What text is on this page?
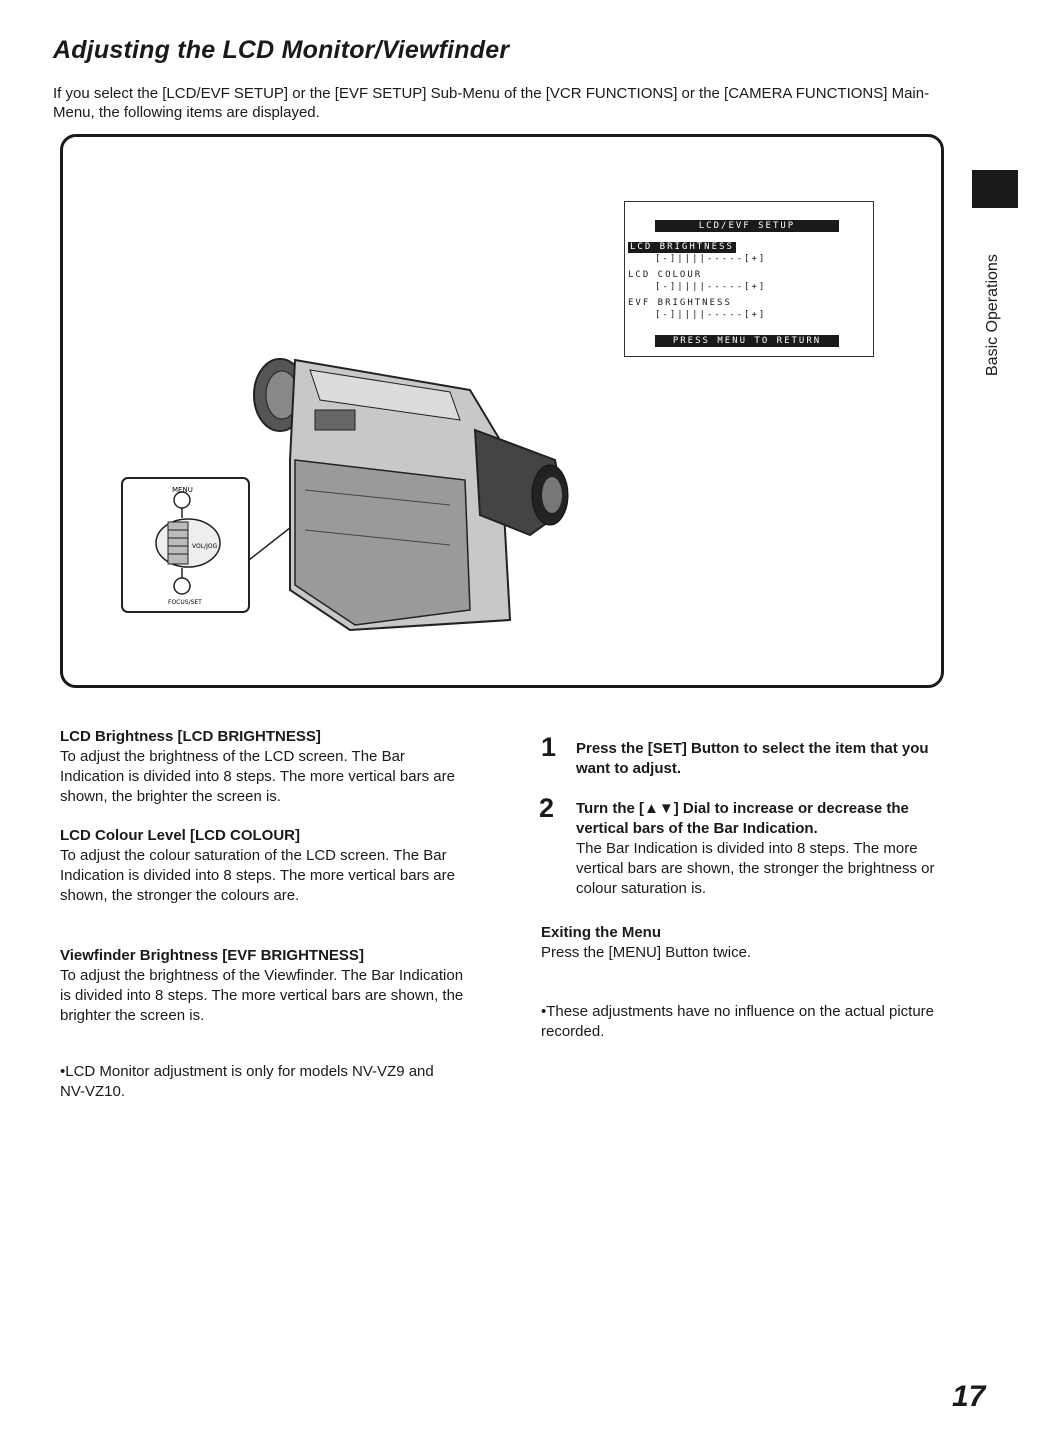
Adjusting the LCD Monitor/Viewfinder
If you select the [LCD/EVF SETUP] or the [EVF SETUP] Sub-Menu of the [VCR FUNCTIONS] or the [CAMERA FUNCTIONS] Main-Menu, the following items are displayed.
Basic Operations
LCD/EVF SETUP
LCD BRIGHTNESS
[-]||||-----[+]
LCD COLOUR
[-]||||-----[+]
EVF BRIGHTNESS
[-]||||-----[+]
PRESS MENU TO RETURN
MENU
VOL/JOG
FOCUS/SET
LCD Brightness [LCD BRIGHTNESS]

To adjust the brightness of the LCD screen. The Bar Indication is divided into 8 steps. The more vertical bars are shown, the brighter the screen is.

LCD Colour Level [LCD COLOUR]

To adjust the colour saturation of the LCD screen. The Bar Indication is divided into 8 steps. The more vertical bars are shown, the stronger the colours are.

Viewfinder Brightness [EVF BRIGHTNESS]

To adjust the brightness of the Viewfinder. The Bar Indication is divided into 8 steps. The more vertical bars are shown, the brighter the screen is.

•LCD Monitor adjustment is only for models NV-VZ9 and NV-VZ10.
1 Press the [SET] Button to select the item that you want to adjust.
2 Turn the [▲▼] Dial to increase or decrease the vertical bars of the Bar Indication.
The Bar Indication is divided into 8 steps. The more vertical bars are shown, the stronger the brightness or colour saturation is.
Exiting the Menu

Press the [MENU] Button twice.

•These adjustments have no influence on the actual picture recorded.
17
